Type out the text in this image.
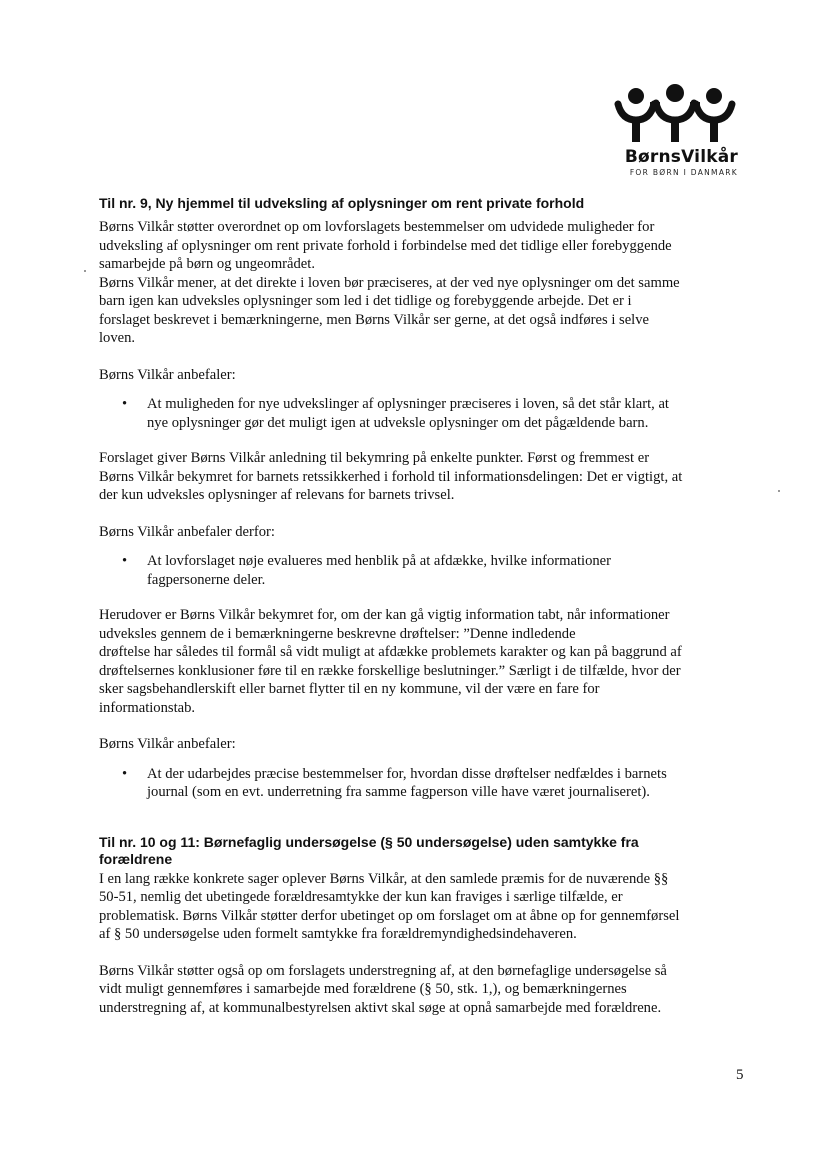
BørnsVilkår
FOR BØRN I DANMARK
Til nr. 9, Ny hjemmel til udveksling af oplysninger om rent private forhold

Børns Vilkår støtter overordnet op om lovforslagets bestemmelser om udvidede muligheder for
udveksling af oplysninger om rent private forhold i forbindelse med det tidlige eller forebyggende
samarbejde på børn og ungeområdet.
Børns Vilkår mener, at det direkte i loven bør præciseres, at der ved nye oplysninger om det samme
barn igen kan udveksles oplysninger som led i det tidlige og forebyggende arbejde. Det er i
forslaget beskrevet i bemærkningerne, men Børns Vilkår ser gerne, at det også indføres i selve
loven.

Børns Vilkår anbefaler:

• At muligheden for nye udvekslinger af oplysninger præciseres i loven, så det står klart, at
nye oplysninger gør det muligt igen at udveksle oplysninger om det pågældende barn.

Forslaget giver Børns Vilkår anledning til bekymring på enkelte punkter. Først og fremmest er
Børns Vilkår bekymret for barnets retssikkerhed i forhold til informationsdelingen: Det er vigtigt, at
der kun udveksles oplysninger af relevans for barnets trivsel.

Børns Vilkår anbefaler derfor:

• At lovforslaget nøje evalueres med henblik på at afdække, hvilke informationer
fagpersonerne deler.

Herudover er Børns Vilkår bekymret for, om der kan gå vigtig information tabt, når informationer
udveksles gennem de i bemærkningerne beskrevne drøftelser: ”Denne indledende
drøftelse har således til formål så vidt muligt at afdække problemets karakter og kan på baggrund af
drøftelsernes konklusioner føre til en række forskellige beslutninger.” Særligt i de tilfælde, hvor der
sker sagsbehandlerskift eller barnet flytter til en ny kommune, vil der være en fare for
informationstab.

Børns Vilkår anbefaler:

• At der udarbejdes præcise bestemmelser for, hvordan disse drøftelser nedfældes i barnets
journal (som en evt. underretning fra samme fagperson ville have været journaliseret).
Til nr. 10 og 11: Børnefaglig undersøgelse (§ 50 undersøgelse) uden samtykke fra
forældrene

I en lang række konkrete sager oplever Børns Vilkår, at den samlede præmis for de nuværende §§
50-51, nemlig det ubetingede forældresamtykke der kun kan fraviges i særlige tilfælde, er
problematisk. Børns Vilkår støtter derfor ubetinget op om forslaget om at åbne op for gennemførsel
af § 50 undersøgelse uden formelt samtykke fra forældremyndighedsindehaveren.

Børns Vilkår støtter også op om forslagets understregning af, at den børnefaglige undersøgelse så
vidt muligt gennemføres i samarbejde med forældrene (§ 50, stk. 1,), og bemærkningernes
understregning af, at kommunalbestyrelsen aktivt skal søge at opnå samarbejde med forældrene.

5
